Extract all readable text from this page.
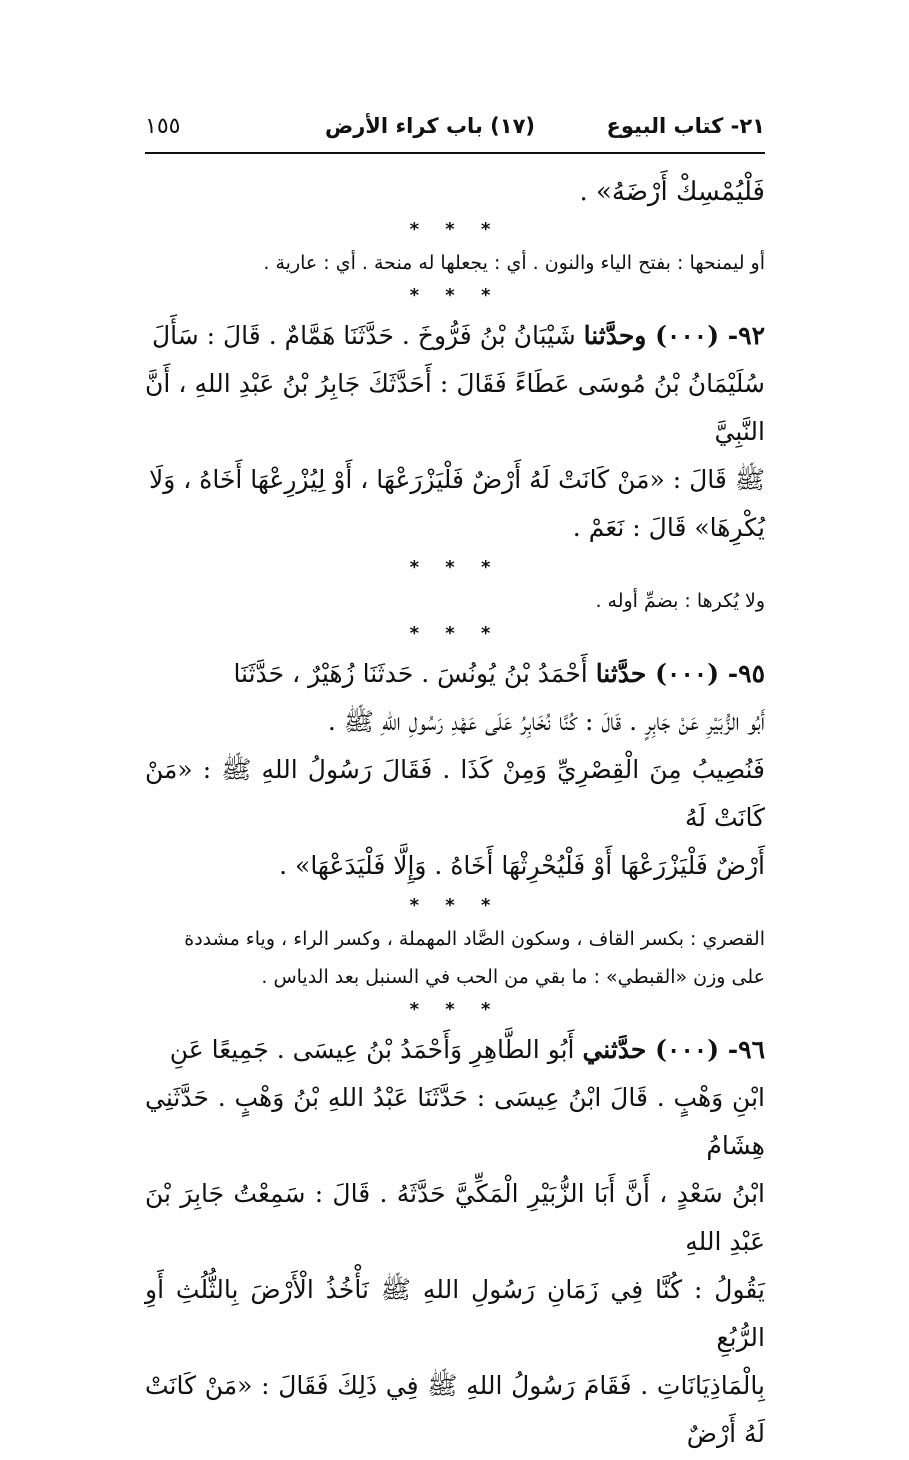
٢١- كتاب البيوع
(١٧) باب كراء الأرض
١٥٥

فَلْيُمْسِكْ أَرْضَهُ» .

* * *

أو ليمنحها : بفتح الياء والنون . أي : يجعلها له منحة . أي : عارية .

* * *

٩٢- (٠٠٠) وحدَّثنا شَيْبَانُ بْنُ فَرُّوخَ . حَدَّثَنَا هَمَّامٌ . قَالَ : سَأَلَ

سُلَيْمَانُ بْنُ مُوسَى عَطَاءً فَقَالَ : أَحَدَّثَكَ جَابِرُ بْنُ عَبْدِ اللهِ ، أَنَّ النَّبِيَّ

ﷺ قَالَ : «مَنْ كَانَتْ لَهُ أَرْضٌ فَلْيَزْرَعْهَا ، أَوْ لِيُزْرِعْهَا أَخَاهُ ، وَلَا

يُكْرِهَا» قَالَ : نَعَمْ .

* * *

ولا يُكرها : بضمِّ أوله .

* * *

٩٥- (٠٠٠) حدَّثنا أَحْمَدُ بْنُ يُونُسَ . حَدثَنَا زُهَيْرٌ ، حَدَّثَنَا

أَبُو الزُّبَيْرِ عَنْ جَابِرٍ . قَالَ : كُنَّا نُخَابِرُ عَلَى عَهْدِ رَسُولِ اللهِ ﷺ .

فَنُصِيبُ مِنَ الْقِصْرِيِّ وَمِنْ كَذَا . فَقَالَ رَسُولُ اللهِ ﷺ : «مَنْ كَانَتْ لَهُ

أَرْضٌ فَلْيَزْرَعْهَا أَوْ فَلْيُحْرِثْهَا أَخَاهُ . وَإِلَّا فَلْيَدَعْهَا» .

* * *

القصري : بكسر القاف ، وسكون الصَّاد المهملة ، وكسر الراء ، وياء مشددة

على وزن «القبطي» : ما بقي من الحب في السنبل بعد الدياس .

* * *

٩٦- (٠٠٠) حدَّثني أَبُو الطَّاهِرِ وَأَحْمَدُ بْنُ عِيسَى . جَمِيعًا عَنِ

ابْنِ وَهْبٍ . قَالَ ابْنُ عِيسَى : حَدَّثَنَا عَبْدُ اللهِ بْنُ وَهْبٍ . حَدَّثَنِي هِشَامُ

ابْنُ سَعْدٍ ، أَنَّ أَبَا الزُّبَيْرِ الْمَكِّيَّ حَدَّثَهُ . قَالَ : سَمِعْتُ جَابِرَ بْنَ عَبْدِ اللهِ

يَقُولُ : كُنَّا فِي زَمَانِ رَسُولِ اللهِ ﷺ نَأْخُذُ الْأَرْضَ بِالثُّلُثِ أَوِ الرُّبُعِ

بِالْمَاذِيَانَاتِ . فَقَامَ رَسُولُ اللهِ ﷺ فِي ذَلِكَ فَقَالَ : «مَنْ كَانَتْ لَهُ أَرْضٌ
